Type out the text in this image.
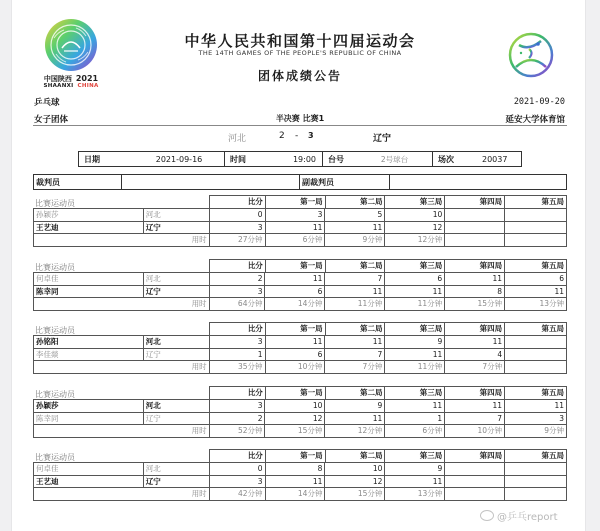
中国陕西 2021
SHAANXI CHINA
中华人民共和国第十四届运动会
THE 14TH GAMES OF THE PEOPLE'S REPUBLIC OF CHINA
团体成绩公告
乒乓球
女子团体	半决赛 比赛1
2021-09-20
延安大学体育馆
河北	2 - 3	辽宁
日期	2021-09-16	时间	19:00	台号	2号球台	场次	20037
裁判员	副裁判员
比赛运动员	比分	第一局	第二局	第三局	第四局	第五局
孙颖莎	河北	0	3	5	10		
王艺迪	辽宁	3	11	11	12		
用时		27分钟	6分钟	9分钟	12分钟		
比赛运动员	比分	第一局	第二局	第三局	第四局	第五局
何卓佳	河北	2	11	7	6	11	6
陈幸同	辽宁	3	6	11	11	8	11
用时		64分钟	14分钟	11分钟	11分钟	15分钟	13分钟
比赛运动员	比分	第一局	第二局	第三局	第四局	第五局
孙铭阳	河北	3	11	11	9	11	
李佳燚	辽宁	1	6	7	11	4	
用时		35分钟	10分钟	7分钟	11分钟	7分钟	
比赛运动员	比分	第一局	第二局	第三局	第四局	第五局
孙颖莎	河北	3	10	9	11	11	11
陈幸同	辽宁	2	12	11	1	7	3
用时		52分钟	15分钟	12分钟	6分钟	10分钟	9分钟
比赛运动员	比分	第一局	第二局	第三局	第四局	第五局
何卓佳	河北	0	8	10	9		
王艺迪	辽宁	3	11	12	11		
用时		42分钟	14分钟	15分钟	13分钟		
@乒乓report
